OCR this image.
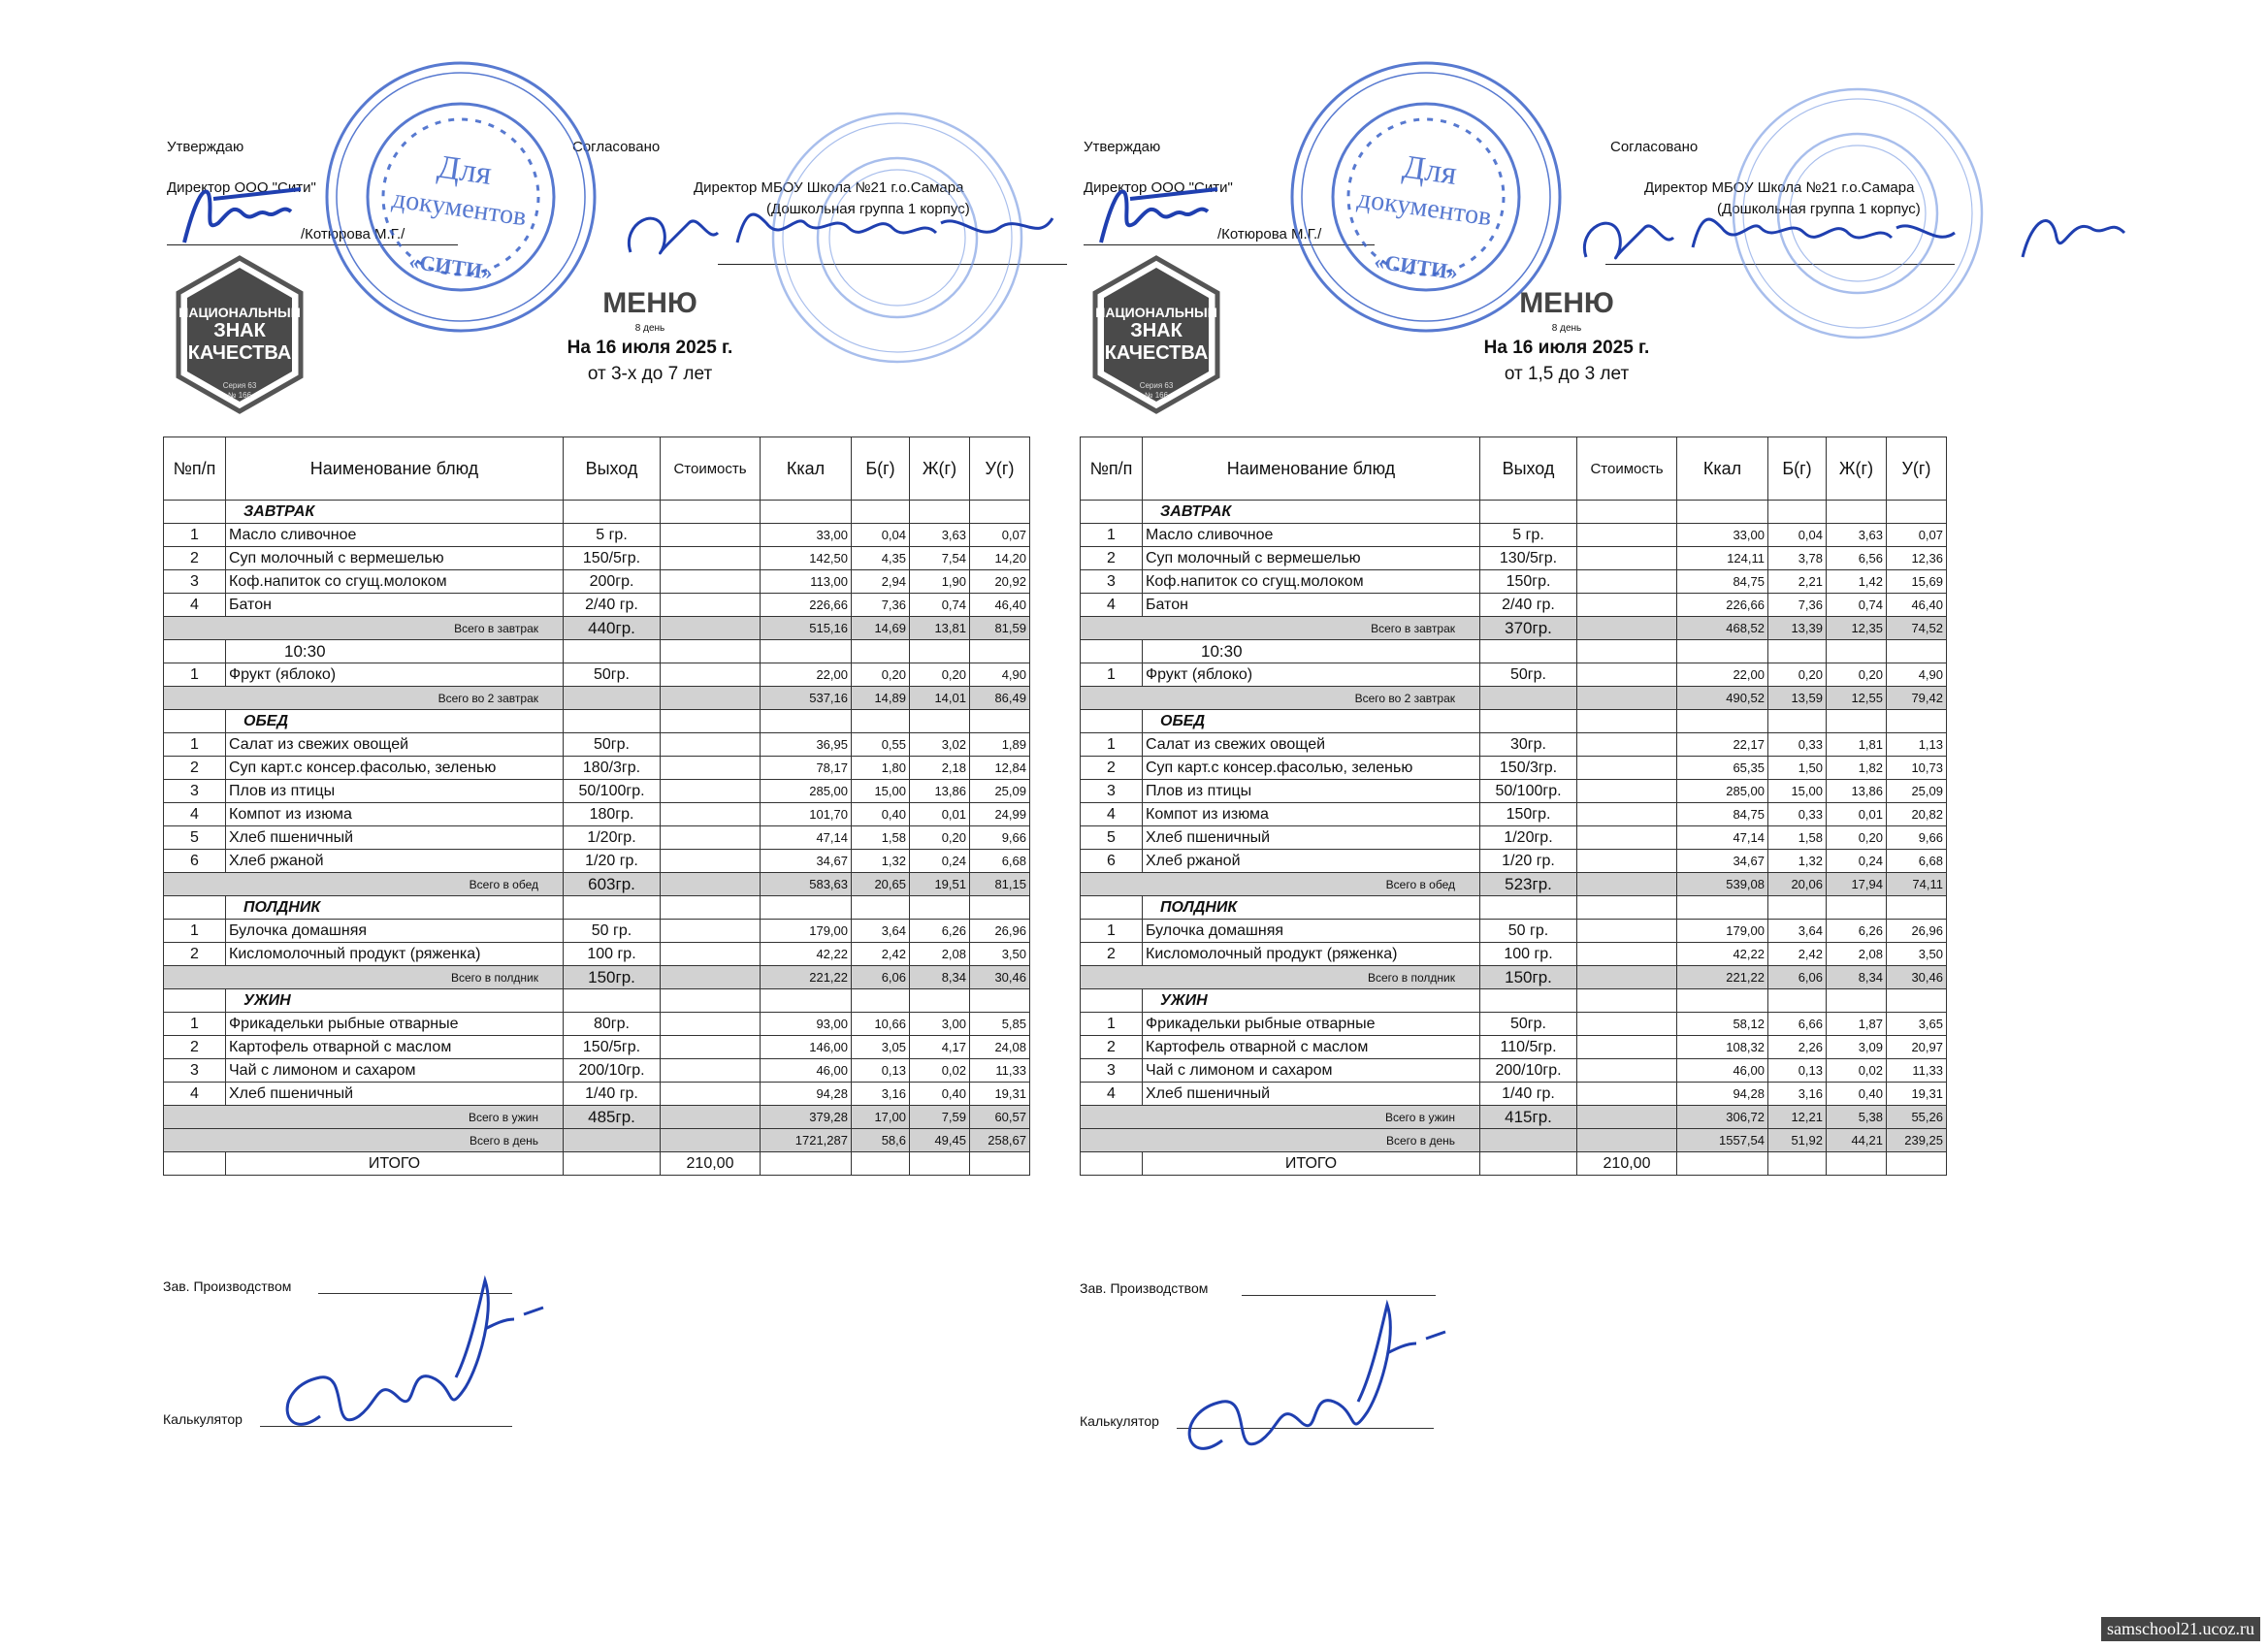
Утверждаю	Согласовано
Директор ООО "Сити"
/Котюрова М.Г./
Директор МБОУ Школа №21 г.о.Самара
(Дошкольная группа 1 корпус)
НАЦИОНАЛЬНЫЙ
ЗНАК
КАЧЕСТВА
Серия 63
№ 166
МЕНЮ
8 день
На 16 июля 2025 г.
от 3-х до 7 лет
№п/п	Наименование блюд	Выход	Стоимость	Ккал	Б(г)	Ж(г)	У(г)
	ЗАВТРАК						
1	Масло сливочное	5 гр.		33,00	0,04	3,63	0,07
2	Суп молочный с вермешелью	150/5гр.		142,50	4,35	7,54	14,20
3	Коф.напиток со сгущ.молоком	200гр.		113,00	2,94	1,90	20,92
4	Батон	2/40 гр.		226,66	7,36	0,74	46,40
Всего в завтрак		440гр.		515,16	14,69	13,81	81,59
	10:30						
1	Фрукт (яблоко)	50гр.		22,00	0,20	0,20	4,90
Всего во 2 завтрак				537,16	14,89	14,01	86,49
	ОБЕД						
1	Салат из свежих овощей	50гр.		36,95	0,55	3,02	1,89
2	Суп карт.с консер.фасолью, зеленью	180/3гр.		78,17	1,80	2,18	12,84
3	Плов из птицы	50/100гр.		285,00	15,00	13,86	25,09
4	Компот из изюма	180гр.		101,70	0,40	0,01	24,99
5	Хлеб пшеничный	1/20гр.		47,14	1,58	0,20	9,66
6	Хлеб ржаной	1/20 гр.		34,67	1,32	0,24	6,68
Всего в обед		603гр.		583,63	20,65	19,51	81,15
	ПОЛДНИК						
1	Булочка домашняя	50 гр.		179,00	3,64	6,26	26,96
2	Кисломолочный продукт (ряженка)	100 гр.		42,22	2,42	2,08	3,50
Всего в полдник		150гр.		221,22	6,06	8,34	30,46
	УЖИН						
1	Фрикадельки рыбные отварные	80гр.		93,00	10,66	3,00	5,85
2	Картофель отварной с маслом	150/5гр.		146,00	3,05	4,17	24,08
3	Чай с лимоном и сахаром	200/10гр.		46,00	0,13	0,02	11,33
4	Хлеб пшеничный	1/40 гр.		94,28	3,16	0,40	19,31
Всего в ужин		485гр.		379,28	17,00	7,59	60,57
Всего в день				1721,287	58,6	49,45	258,67
	ИТОГО		210,00				
Зав. Производством
Калькулятор
Утверждаю	Согласовано
Директор ООО "Сити"
/Котюрова М.Г./
Директор МБОУ Школа №21 г.о.Самара
(Дошкольная группа 1 корпус)
НАЦИОНАЛЬНЫЙ
ЗНАК
КАЧЕСТВА
Серия 63
№ 166
МЕНЮ
8 день
На 16 июля 2025 г.
от 1,5 до 3 лет
№п/п	Наименование блюд	Выход	Стоимость	Ккал	Б(г)	Ж(г)	У(г)
	ЗАВТРАК						
1	Масло сливочное	5 гр.		33,00	0,04	3,63	0,07
2	Суп молочный с вермешелью	130/5гр.		124,11	3,78	6,56	12,36
3	Коф.напиток со сгущ.молоком	150гр.		84,75	2,21	1,42	15,69
4	Батон	2/40 гр.		226,66	7,36	0,74	46,40
Всего в завтрак		370гр.		468,52	13,39	12,35	74,52
	10:30						
1	Фрукт (яблоко)	50гр.		22,00	0,20	0,20	4,90
Всего во 2 завтрак				490,52	13,59	12,55	79,42
	ОБЕД						
1	Салат из свежих овощей	30гр.		22,17	0,33	1,81	1,13
2	Суп карт.с консер.фасолью, зеленью	150/3гр.		65,35	1,50	1,82	10,73
3	Плов из птицы	50/100гр.		285,00	15,00	13,86	25,09
4	Компот из изюма	150гр.		84,75	0,33	0,01	20,82
5	Хлеб пшеничный	1/20гр.		47,14	1,58	0,20	9,66
6	Хлеб ржаной	1/20 гр.		34,67	1,32	0,24	6,68
Всего в обед		523гр.		539,08	20,06	17,94	74,11
	ПОЛДНИК						
1	Булочка домашняя	50 гр.		179,00	3,64	6,26	26,96
2	Кисломолочный продукт (ряженка)	100 гр.		42,22	2,42	2,08	3,50
Всего в полдник		150гр.		221,22	6,06	8,34	30,46
	УЖИН						
1	Фрикадельки рыбные отварные	50гр.		58,12	6,66	1,87	3,65
2	Картофель отварной с маслом	110/5гр.		108,32	2,26	3,09	20,97
3	Чай с лимоном и сахаром	200/10гр.		46,00	0,13	0,02	11,33
4	Хлеб пшеничный	1/40 гр.		94,28	3,16	0,40	19,31
Всего в ужин		415гр.		306,72	12,21	5,38	55,26
Всего в день				1557,54	51,92	44,21	239,25
	ИТОГО		210,00				
Зав. Производством
Калькулятор
Для
документов
«СИТИ»
Для
документов
«СИТИ»
samschool21.ucoz.ru
